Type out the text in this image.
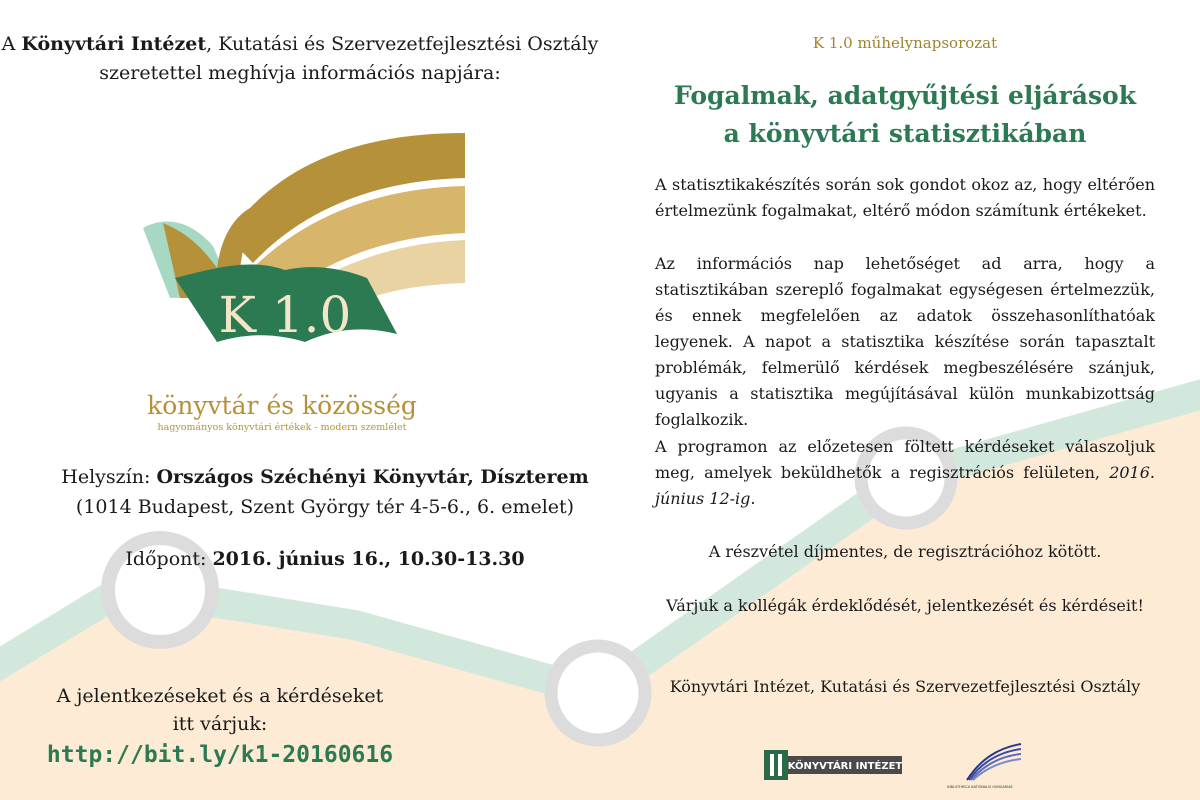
A Könyvtári Intézet, Kutatási és Szervezetfejlesztési Osztály
szeretettel meghívja információs napjára:
K 1.0
könyvtár és közösség
hagyományos könyvtári értékek - modern szemlélet
Helyszín: Országos Széchényi Könyvtár, Díszterem
(1014 Budapest, Szent György tér 4-5-6., 6. emelet)
Időpont: 2016. június 16., 10.30-13.30
A jelentkezéseket és a kérdéseket
itt várjuk:
http://bit.ly/k1-20160616
K 1.0 műhelynapsorozat
Fogalmak, adatgyűjtési eljárások
a könyvtári statisztikában
A statisztikakészítés során sok gondot okoz az, hogy eltérően értelmezünk fogalmakat, eltérő módon számítunk értékeket.
Az információs nap lehetőséget ad arra, hogy a statisztikában szereplő fogalmakat egységesen értelmezzük, és ennek megfelelően az adatok összehasonlíthatóak legyenek. A napot a statisztika készítése során tapasztalt problémák, felmerülő kérdések megbeszélésére szánjuk, ugyanis a statisztika megújításával külön munkabizottság foglalkozik.
A programon az előzetesen föltett kérdéseket válaszoljuk meg, amelyek beküldhetők a regisztrációs felületen, 2016. június 12-ig.
A részvétel díjmentes, de regisztrációhoz kötött.
Várjuk a kollégák érdeklődését, jelentkezését és kérdéseit!
Könyvtári Intézet, Kutatási és Szervezetfejlesztési Osztály
KÖNYVTÁRI INTÉZET
BIBLIOTHECA NATIONALIS HUNGARIAE
